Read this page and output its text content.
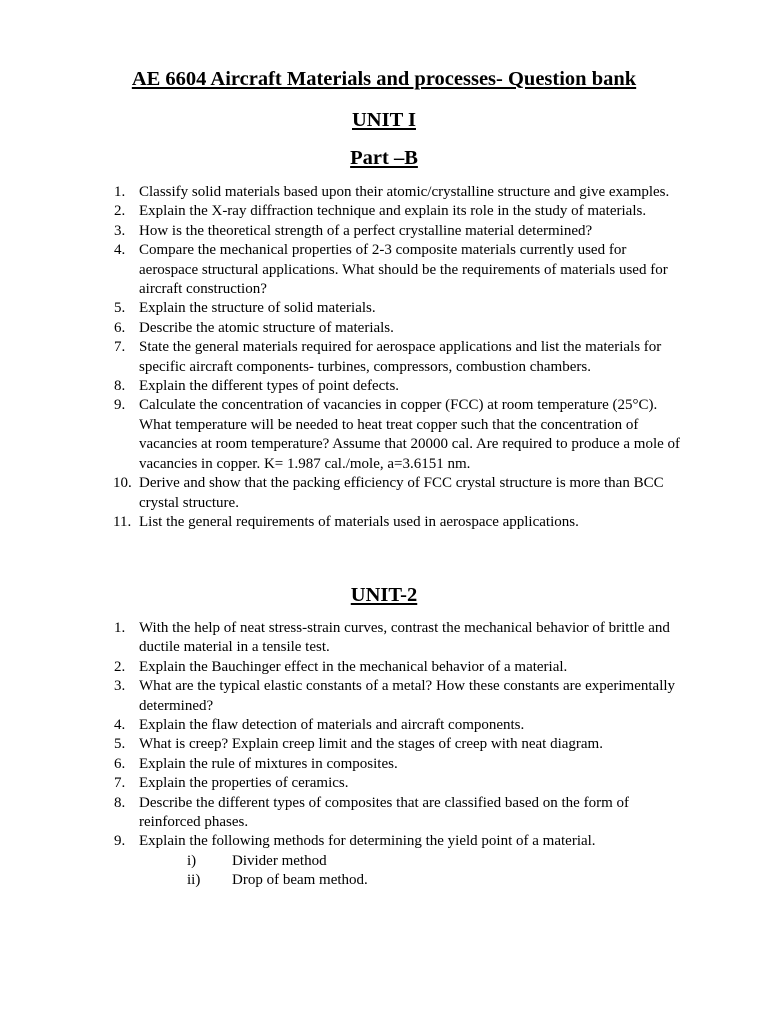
AE 6604 Aircraft Materials and processes- Question bank
UNIT I
Part –B
1. Classify solid materials based upon their atomic/crystalline structure and give examples.
2. Explain the X-ray diffraction technique and explain its role in the study of materials.
3. How is the theoretical strength of a perfect crystalline material determined?
4. Compare the mechanical properties of 2-3 composite materials currently used for aerospace structural applications. What should be the requirements of materials used for aircraft construction?
5. Explain the structure of solid materials.
6. Describe the atomic structure of materials.
7. State the general materials required for aerospace applications and list the materials for specific aircraft components- turbines, compressors, combustion chambers.
8. Explain the different types of point defects.
9. Calculate the concentration of vacancies in copper (FCC) at room temperature (25°C). What temperature will be needed to heat treat copper such that the concentration of vacancies at room temperature? Assume that 20000 cal. Are required to produce a mole of vacancies in copper. K= 1.987 cal./mole, a=3.6151 nm.
10. Derive and show that the packing efficiency of FCC crystal structure is more than BCC crystal structure.
11. List the general requirements of materials used in aerospace applications.
UNIT-2
1. With the help of neat stress-strain curves, contrast the mechanical behavior of brittle and ductile material in a tensile test.
2. Explain the Bauchinger effect in the mechanical behavior of a material.
3. What are the typical elastic constants of a metal? How these constants are experimentally determined?
4. Explain the flaw detection of materials and aircraft components.
5. What is creep? Explain creep limit and the stages of creep with neat diagram.
6. Explain the rule of mixtures in composites.
7. Explain the properties of ceramics.
8. Describe the different types of composites that are classified based on the form of reinforced phases.
9. Explain the following methods for determining the yield point of a material.
i) Divider method
ii) Drop of beam method.
